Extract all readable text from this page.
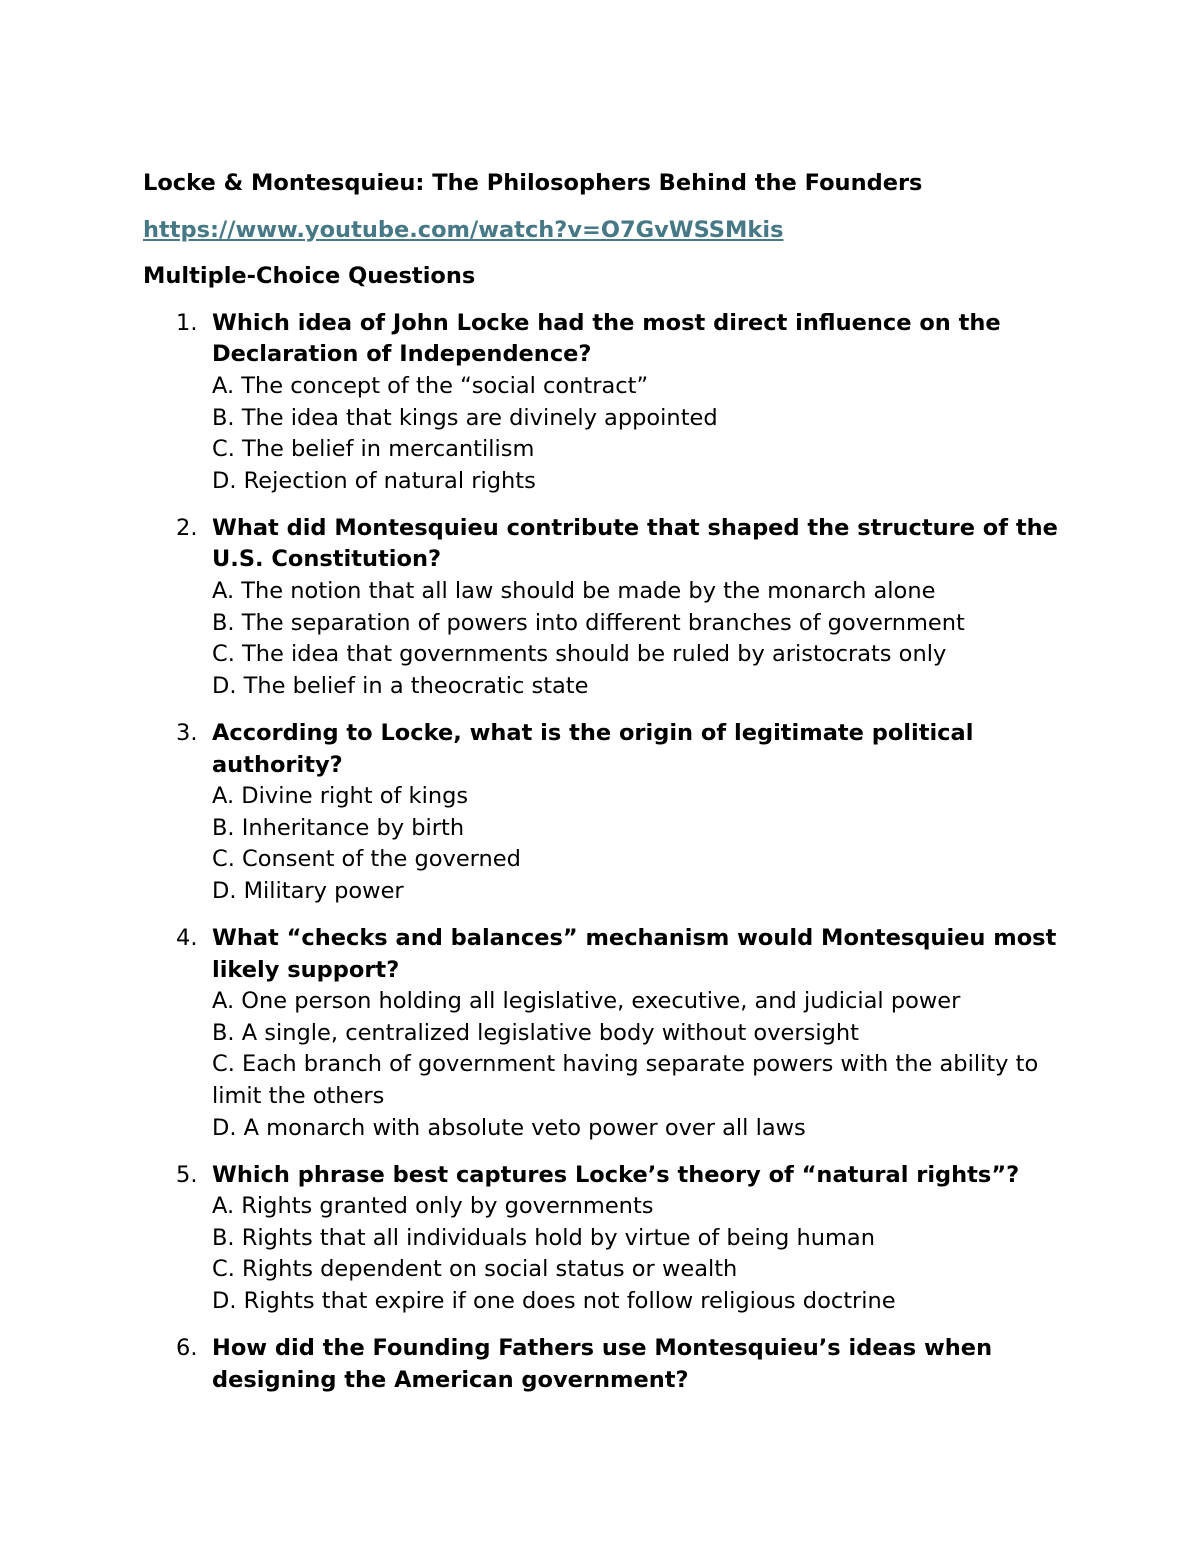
Locke & Montesquieu: The Philosophers Behind the Founders
https://www.youtube.com/watch?v=O7GvWSSMkis
Multiple-Choice Questions
1. Which idea of John Locke had the most direct influence on the Declaration of Independence?
A. The concept of the “social contract”
B. The idea that kings are divinely appointed
C. The belief in mercantilism
D. Rejection of natural rights
2. What did Montesquieu contribute that shaped the structure of the U.S. Constitution?
A. The notion that all law should be made by the monarch alone
B. The separation of powers into different branches of government
C. The idea that governments should be ruled by aristocrats only
D. The belief in a theocratic state
3. According to Locke, what is the origin of legitimate political authority?
A. Divine right of kings
B. Inheritance by birth
C. Consent of the governed
D. Military power
4. What “checks and balances” mechanism would Montesquieu most likely support?
A. One person holding all legislative, executive, and judicial power
B. A single, centralized legislative body without oversight
C. Each branch of government having separate powers with the ability to limit the others
D. A monarch with absolute veto power over all laws
5. Which phrase best captures Locke’s theory of “natural rights”?
A. Rights granted only by governments
B. Rights that all individuals hold by virtue of being human
C. Rights dependent on social status or wealth
D. Rights that expire if one does not follow religious doctrine
6. How did the Founding Fathers use Montesquieu’s ideas when designing the American government?
